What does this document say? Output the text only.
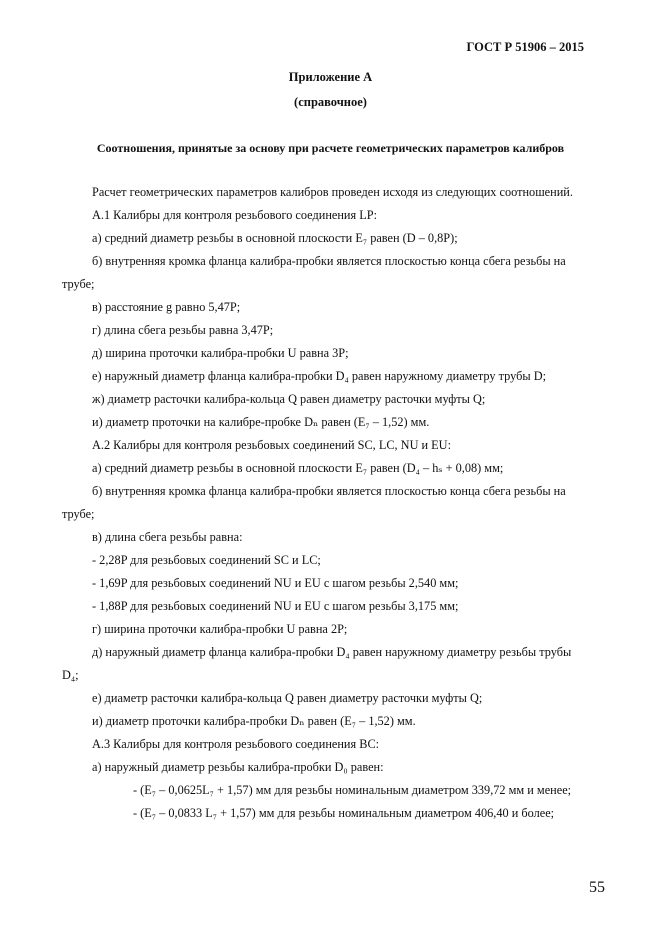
ГОСТ Р 51906 – 2015
Приложение А
(справочное)
Соотношения, принятые за основу при расчете геометрических параметров калибров
Расчет геометрических параметров калибров проведен исходя из следующих соотношений.
А.1 Калибры для контроля резьбового соединения LP:
а) средний диаметр резьбы в основной плоскости E₇ равен (D – 0,8P);
б) внутренняя кромка фланца калибра-пробки является плоскостью конца сбега резьбы на
трубе;
в) расстояние g равно 5,47P;
г) длина сбега резьбы равна 3,47P;
д) ширина проточки калибра-пробки U равна 3P;
е) наружный диаметр фланца калибра-пробки D₄ равен наружному диаметру трубы D;
ж) диаметр расточки калибра-кольца Q равен диаметру расточки муфты Q;
и) диаметр проточки на калибре-пробке Dₙ равен (E₇ – 1,52) мм.
А.2 Калибры для контроля резьбовых соединений SC, LC, NU и EU:
а) средний диаметр резьбы в основной плоскости E₇ равен (D₄ – hₛ + 0,08) мм;
б) внутренняя кромка фланца калибра-пробки является плоскостью конца сбега резьбы на
трубе;
в) длина сбега резьбы равна:
- 2,28P для резьбовых соединений SC и LC;
- 1,69P для резьбовых соединений NU и EU с шагом резьбы 2,540 мм;
- 1,88P для резьбовых соединений NU и EU с шагом резьбы 3,175 мм;
г) ширина проточки калибра-пробки U равна 2P;
д) наружный диаметр фланца калибра-пробки D₄ равен наружному диаметру резьбы трубы
D₄;
е) диаметр расточки калибра-кольца Q равен диаметру расточки муфты Q;
и) диаметр проточки калибра-пробки Dₙ равен (E₇ – 1,52) мм.
А.3 Калибры для контроля резьбового соединения ВС:
а) наружный диаметр резьбы калибра-пробки D₀ равен:
- (E₇ – 0,0625L₇ + 1,57) мм для резьбы номинальным диаметром 339,72 мм и менее;
- (E₇ – 0,0833 L₇ + 1,57) мм для резьбы номинальным диаметром 406,40 и более;
55
